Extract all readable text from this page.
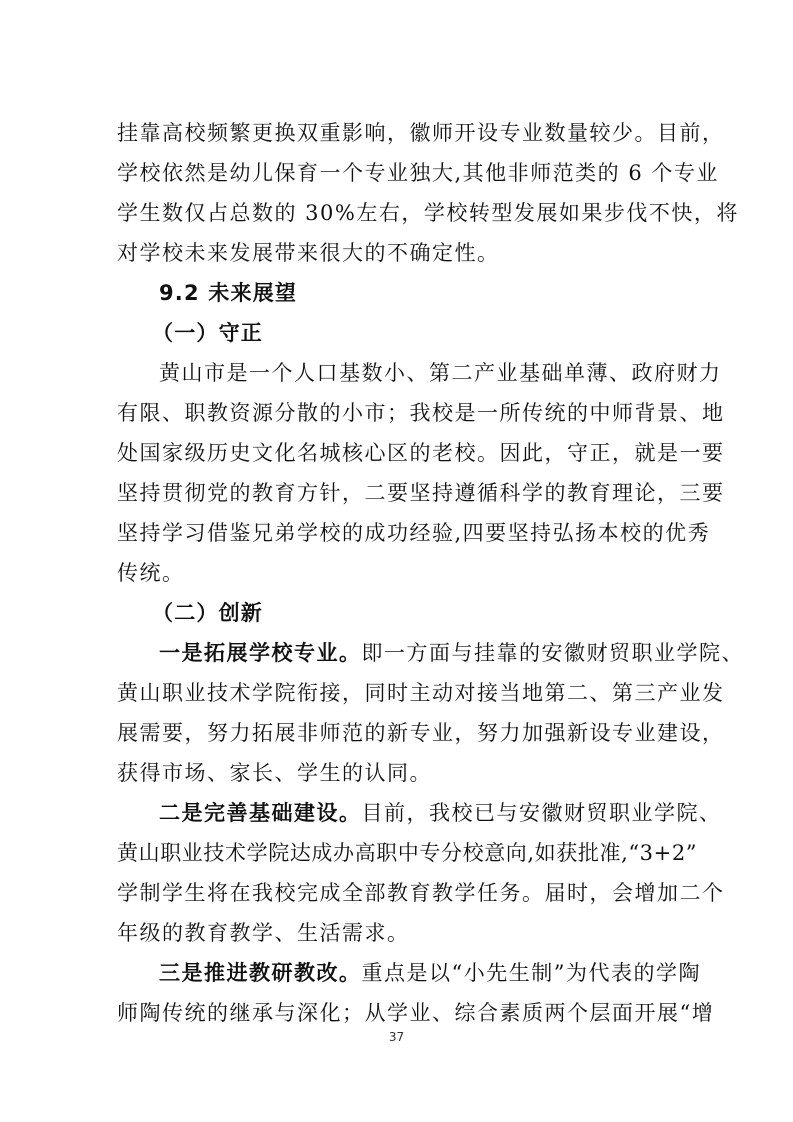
挂靠高校频繁更换双重影响，徽师开设专业数量较少。目前，
学校依然是幼儿保育一个专业独大,其他非师范类的 6 个专业
学生数仅占总数的 30%左右，学校转型发展如果步伐不快，将
对学校未来发展带来很大的不确定性。
9.2 未来展望
（一）守正
黄山市是一个人口基数小、第二产业基础单薄、政府财力
有限、职教资源分散的小市；我校是一所传统的中师背景、地
处国家级历史文化名城核心区的老校。因此，守正，就是一要
坚持贯彻党的教育方针，二要坚持遵循科学的教育理论，三要
坚持学习借鉴兄弟学校的成功经验,四要坚持弘扬本校的优秀
传统。
（二）创新
一是拓展学校专业。即一方面与挂靠的安徽财贸职业学院、
黄山职业技术学院衔接，同时主动对接当地第二、第三产业发
展需要，努力拓展非师范的新专业，努力加强新设专业建设，
获得市场、家长、学生的认同。
二是完善基础建设。目前，我校已与安徽财贸职业学院、
黄山职业技术学院达成办高职中专分校意向,如获批准,“3+2”
学制学生将在我校完成全部教育教学任务。届时，会增加二个
年级的教育教学、生活需求。
三是推进教研教改。重点是以“小先生制”为代表的学陶
师陶传统的继承与深化；从学业、综合素质两个层面开展“增
37
